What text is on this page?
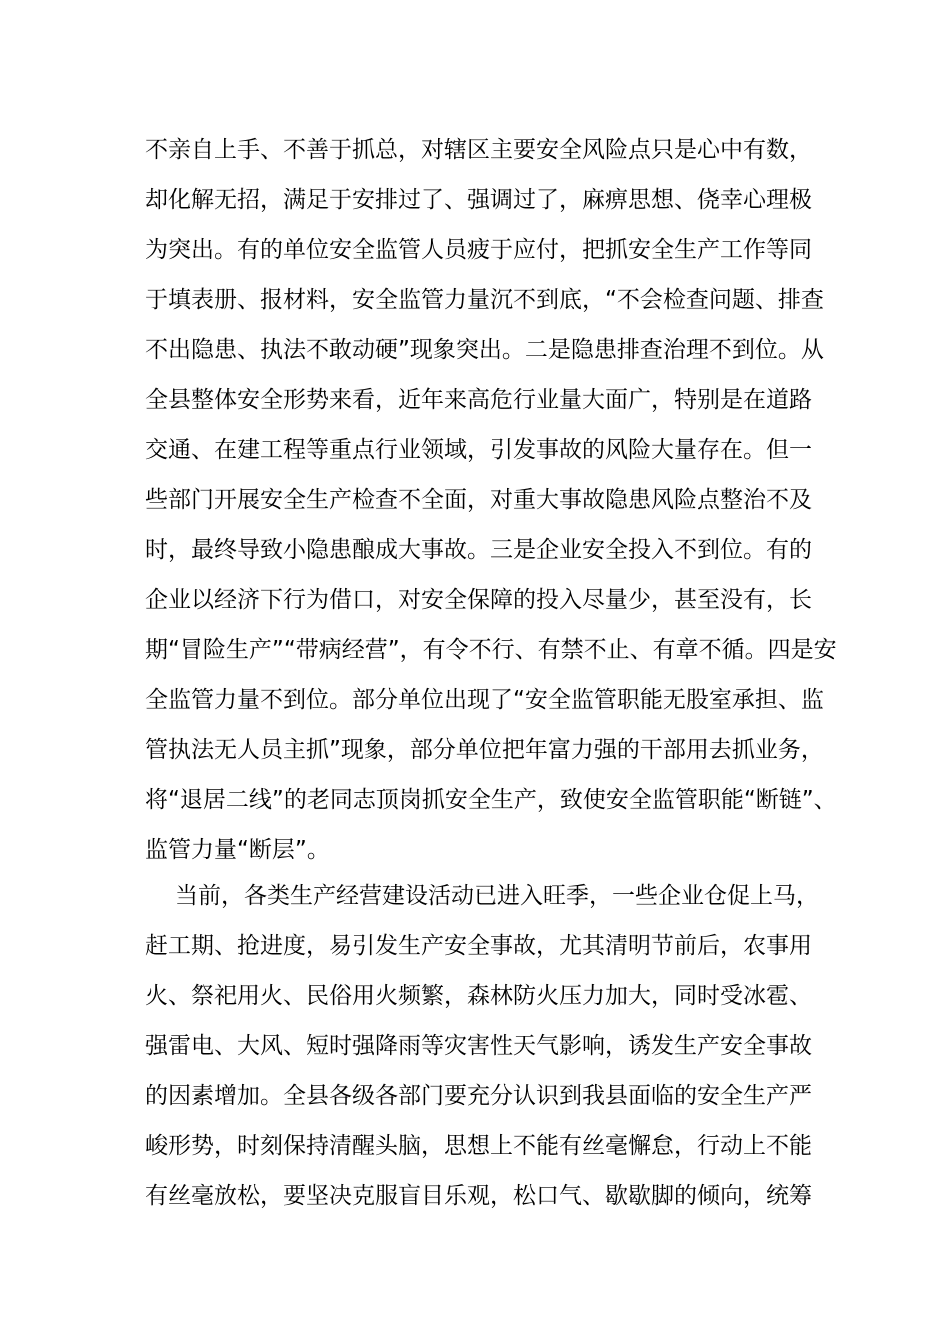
不亲自上手、不善于抓总，对辖区主要安全风险点只是心中有数，
却化解无招，满足于安排过了、强调过了，麻痹思想、侥幸心理极
为突出。有的单位安全监管人员疲于应付，把抓安全生产工作等同
于填表册、报材料，安全监管力量沉不到底，“不会检查问题、排查
不出隐患、执法不敢动硬”现象突出。二是隐患排查治理不到位。从
全县整体安全形势来看，近年来高危行业量大面广，特别是在道路
交通、在建工程等重点行业领域，引发事故的风险大量存在。但一
些部门开展安全生产检查不全面，对重大事故隐患风险点整治不及
时，最终导致小隐患酿成大事故。三是企业安全投入不到位。有的
企业以经济下行为借口，对安全保障的投入尽量少，甚至没有，长
期“冒险生产”“带病经营”，有令不行、有禁不止、有章不循。四是安
全监管力量不到位。部分单位出现了“安全监管职能无股室承担、监
管执法无人员主抓”现象，部分单位把年富力强的干部用去抓业务，
将“退居二线”的老同志顶岗抓安全生产，致使安全监管职能“断链”、
监管力量“断层”。
当前，各类生产经营建设活动已进入旺季，一些企业仓促上马，
赶工期、抢进度，易引发生产安全事故，尤其清明节前后，农事用
火、祭祀用火、民俗用火频繁，森林防火压力加大，同时受冰雹、
强雷电、大风、短时强降雨等灾害性天气影响，诱发生产安全事故
的因素增加。全县各级各部门要充分认识到我县面临的安全生产严
峻形势，时刻保持清醒头脑，思想上不能有丝毫懈怠，行动上不能
有丝毫放松，要坚决克服盲目乐观，松口气、歇歇脚的倾向，统筹
